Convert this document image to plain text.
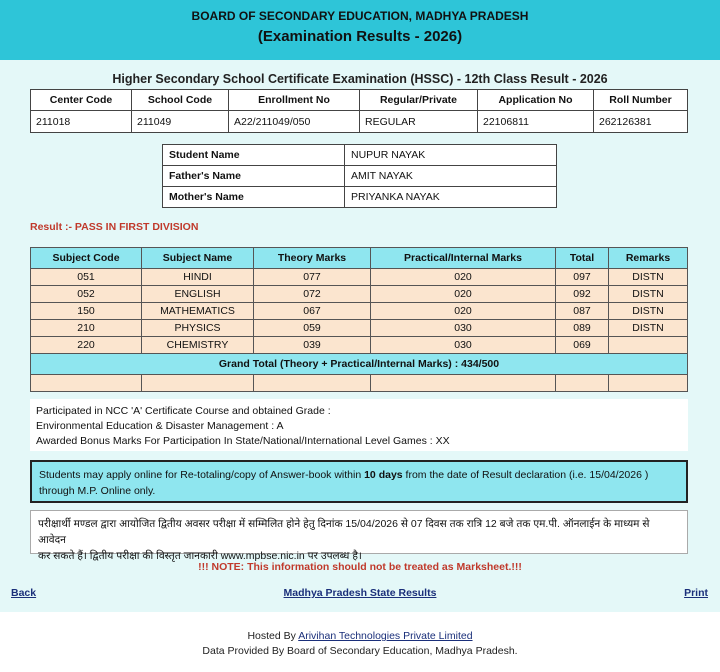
BOARD OF SECONDARY EDUCATION, MADHYA PRADESH
(Examination Results - 2026)
Higher Secondary School Certificate Examination (HSSC) - 12th Class Result - 2026
Center Code	School Code	Enrollment No	Regular/Private	Application No	Roll Number
211018	211049	A22/211049/050	REGULAR	22106811	262126381
Student Name	NUPUR NAYAK
Father's Name	AMIT NAYAK
Mother's Name	PRIYANKA NAYAK
Result :- PASS IN FIRST DIVISION
Subject Code	Subject Name	Theory Marks	Practical/Internal Marks	Total	Remarks
051	HINDI	077	020	097	DISTN
052	ENGLISH	072	020	092	DISTN
150	MATHEMATICS	067	020	087	DISTN
210	PHYSICS	059	030	089	DISTN
220	CHEMISTRY	039	030	069	
Grand Total (Theory + Practical/Internal Marks) : 434/500					

Participated in NCC 'A' Certificate Course and obtained Grade :
Environmental Education & Disaster Management : A
Awarded Bonus Marks For Participation In State/National/International Level Games : XX
Students may apply online for Re-totaling/copy of Answer-book within 10 days from the date of Result declaration (i.e. 15/04/2026 )
through M.P. Online only.
परीक्षार्थी मण्डल द्वारा आयोजित द्वितीय अवसर परीक्षा में सम्मिलित होने हेतु दिनांक 15/04/2026 से 07 दिवस तक रात्रि 12 बजे तक एम.पी. ऑनलाईन के माध्यम से आवेदन
कर सकते हैं। द्वितीय परीक्षा की विस्तृत जानकारी www.mpbse.nic.in पर उपलब्ध है।
!!! NOTE: This information should not be treated as Marksheet.!!!
Back	Madhya Pradesh State Results	Print
Hosted By Arivihan Technologies Private Limited
Data Provided By Board of Secondary Education, Madhya Pradesh.
